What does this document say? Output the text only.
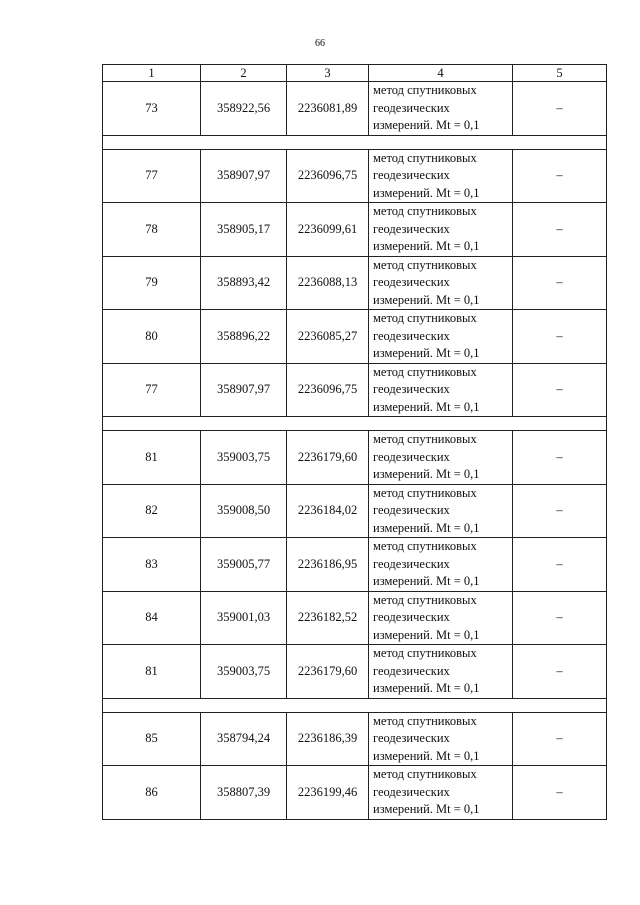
66
1	2	3	4	5
73	358922,56	2236081,89	метод спутниковых
геодезических
измерений. Mt = 0,1	–

77	358907,97	2236096,75	метод спутниковых
геодезических
измерений. Mt = 0,1	–
78	358905,17	2236099,61	метод спутниковых
геодезических
измерений. Mt = 0,1	–
79	358893,42	2236088,13	метод спутниковых
геодезических
измерений. Mt = 0,1	–
80	358896,22	2236085,27	метод спутниковых
геодезических
измерений. Mt = 0,1	–
77	358907,97	2236096,75	метод спутниковых
геодезических
измерений. Mt = 0,1	–

81	359003,75	2236179,60	метод спутниковых
геодезических
измерений. Mt = 0,1	–
82	359008,50	2236184,02	метод спутниковых
геодезических
измерений. Mt = 0,1	–
83	359005,77	2236186,95	метод спутниковых
геодезических
измерений. Mt = 0,1	–
84	359001,03	2236182,52	метод спутниковых
геодезических
измерений. Mt = 0,1	–
81	359003,75	2236179,60	метод спутниковых
геодезических
измерений. Mt = 0,1	–

85	358794,24	2236186,39	метод спутниковых
геодезических
измерений. Mt = 0,1	–
86	358807,39	2236199,46	метод спутниковых
геодезических
измерений. Mt = 0,1	–
